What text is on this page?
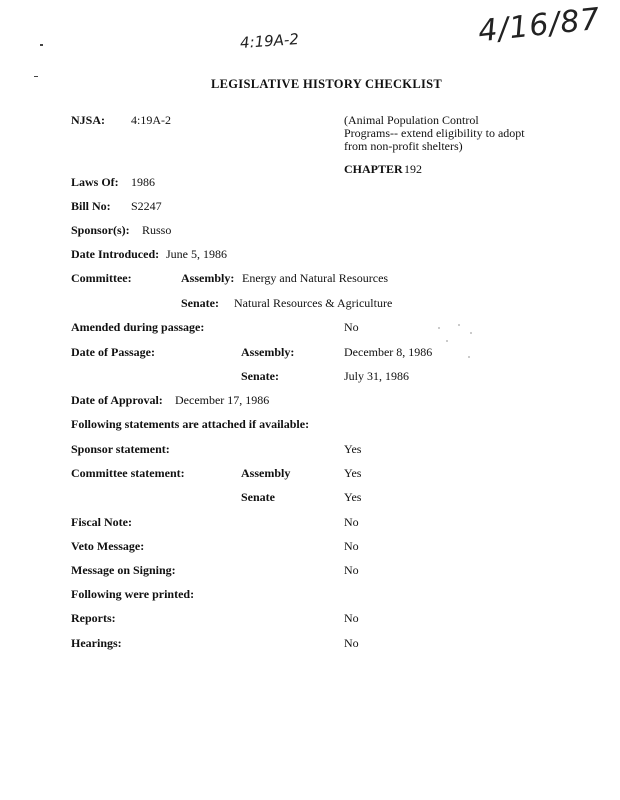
4:19A-2	4/16/87
LEGISLATIVE HISTORY CHECKLIST
NJSA: 4:19A-2	(Animal Population Control
Programs-- extend eligibility to adopt
from non-profit shelters)
CHAPTER 192
Laws Of: 1986
Bill No: S2247
Sponsor(s): Russo
Date Introduced: June 5, 1986
Committee:	Assembly: Energy and Natural Resources
Senate: Natural Resources & Agriculture
Amended during passage:	No
Date of Passage:	Assembly:	December 8, 1986
Senate:	July 31, 1986
Date of Approval: December 17, 1986
Following statements are attached if available:
Sponsor statement:	Yes
Committee statement:	Assembly	Yes
Senate	Yes
Fiscal Note:	No
Veto Message:	No
Message on Signing:	No
Following were printed:
Reports:	No
Hearings:	No
